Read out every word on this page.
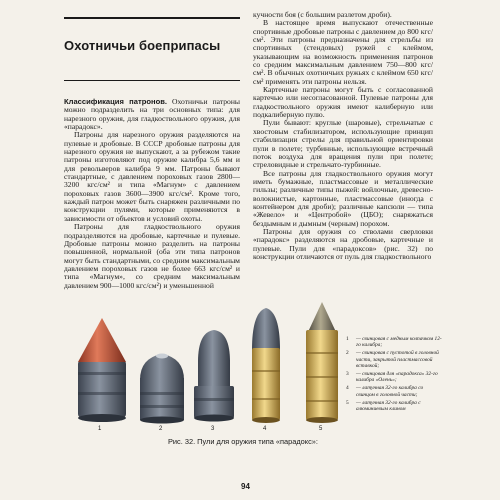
Охотничьи боеприпасы

Классификация патронов. Охотничьи патроны можно подразделить на три основных типа: для нарезного оружия, для гладкоствольного оружия, для «парадокс».

Патроны для нарезного оружия разделяются на пулевые и дробовые. В СССР дробовые патроны для нарезного оружия не выпускают, а за рубежом такие патроны изготовляют под оружие калибра 5,6 мм и для револьверов калибра 9 мм. Патроны бывают стандартные, с давлением пороховых газов 2800—3200 кгс/см² и типа «Магнум» с давлением пороховых газов 3600—3900 кгс/см². Кроме того, каждый патрон может быть снаряжен различными по конструкции пулями, которые применяются в зависимости от объектов и условий охоты.

Патроны для гладкоствольного оружия подразделяются на дробовые, картечные и пулевые. Дробовые патроны можно разделить на патроны повышенной, нормальной (оба эти типа патронов могут быть стандартными, со средним максимальным давлением пороховых газов не более 663 кгс/см² и типа «Магнум», со средним максимальным давлением 900—1000 кгс/см²) и уменьшенной

кучности боя (с большим разлетом дроби).

В настоящее время выпускают отечественные спортивные дробовые патроны с давлением до 800 кгс/см². Эти патроны предназначены для стрельбы из спортивных (стендовых) ружей с клеймом, указывающим на возможность применения патронов со средним максимальным давлением 750—800 кгс/см². В обычных охотничьих ружьях с клеймом 650 кгс/см² применять эти патроны нельзя.

Картечные патроны могут быть с согласованной картечью или несогласованной. Пулевые патроны для гладкоствольного оружия имеют калиберную или подкалиберную пулю.

Пули бывают: круглые (шаровые), стрельчатые с хвостовым стабилизатором, использующие принцип стабилизации стрелы для правильной ориентировки пули в полете; турбинные, использующие встречный поток воздуха для вращения пули при полете; стреловидные и стрельчато-турбинные.

Все патроны для гладкоствольного оружия могут иметь бумажные, пластмассовые и металлические гильзы; различные типы пыжей: войлочные, древесно-волокнистые, картонные, пластмассовые (иногда с контейнером для дроби); различные капсюли — типа «Жевело» и «Центробой» (ЦБО); снаряжаться бездымным и дымным (черным) порохом.

Патроны для оружия со стволами сверловки «парадокс» разделяются на дробовые, картечные и пулевые. Пули для «парадоксов» (рис. 32) по конструкции отличаются от пуль для гладкоствольного

1	2	3	4	5
1	— свинцовая с медным колпачком 12-го калибра;
2	— свинцовая с пустотой в головной части, закрытой пластмассовой вставкой;
3	— свинцовая для «парадокса» 32-го калибра «Олень»;
4	— латунная 32-го калибра со свинцом в головной части;
5	— латунная 32-го калибра с алюминиевым клином
Рис. 32. Пули для оружия типа «парадокс»:
94
